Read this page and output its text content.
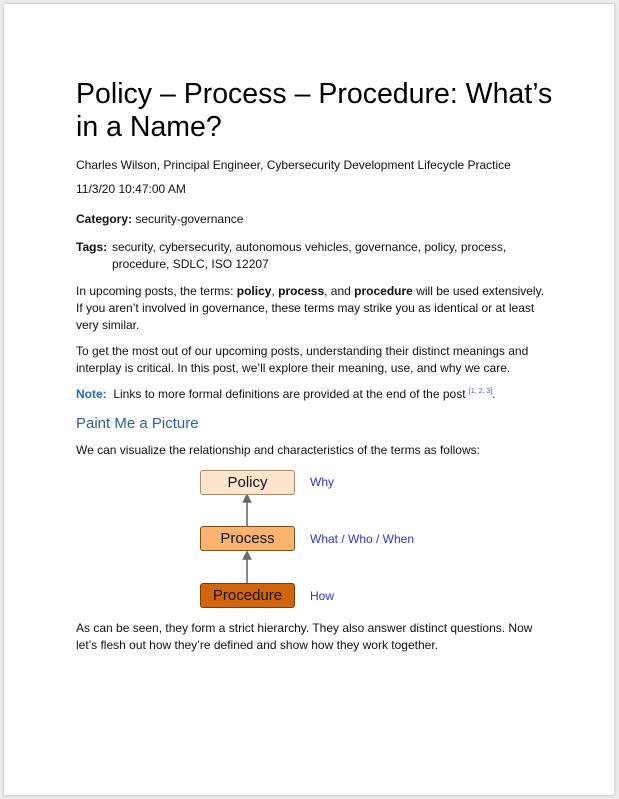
Policy – Process – Procedure: What’s in a Name?

Charles Wilson, Principal Engineer, Cybersecurity Development Lifecycle Practice

11/3/20 10:47:00 AM

Category: security-governance

Tags: security, cybersecurity, autonomous vehicles, governance, policy, process, procedure, SDLC, ISO 12207

In upcoming posts, the terms: policy, process, and procedure will be used extensively. If you aren’t involved in governance, these terms may strike you as identical or at least very similar.

To get the most out of our upcoming posts, understanding their distinct meanings and interplay is critical. In this post, we’ll explore their meaning, use, and why we care.

Note: Links to more formal definitions are provided at the end of the post [1, 2, 3].

Paint Me a Picture

We can visualize the relationship and characteristics of the terms as follows:

Policy
Process
Procedure
Why
What / Who / When
How

As can be seen, they form a strict hierarchy. They also answer distinct questions. Now let’s flesh out how they’re defined and show how they work together.
